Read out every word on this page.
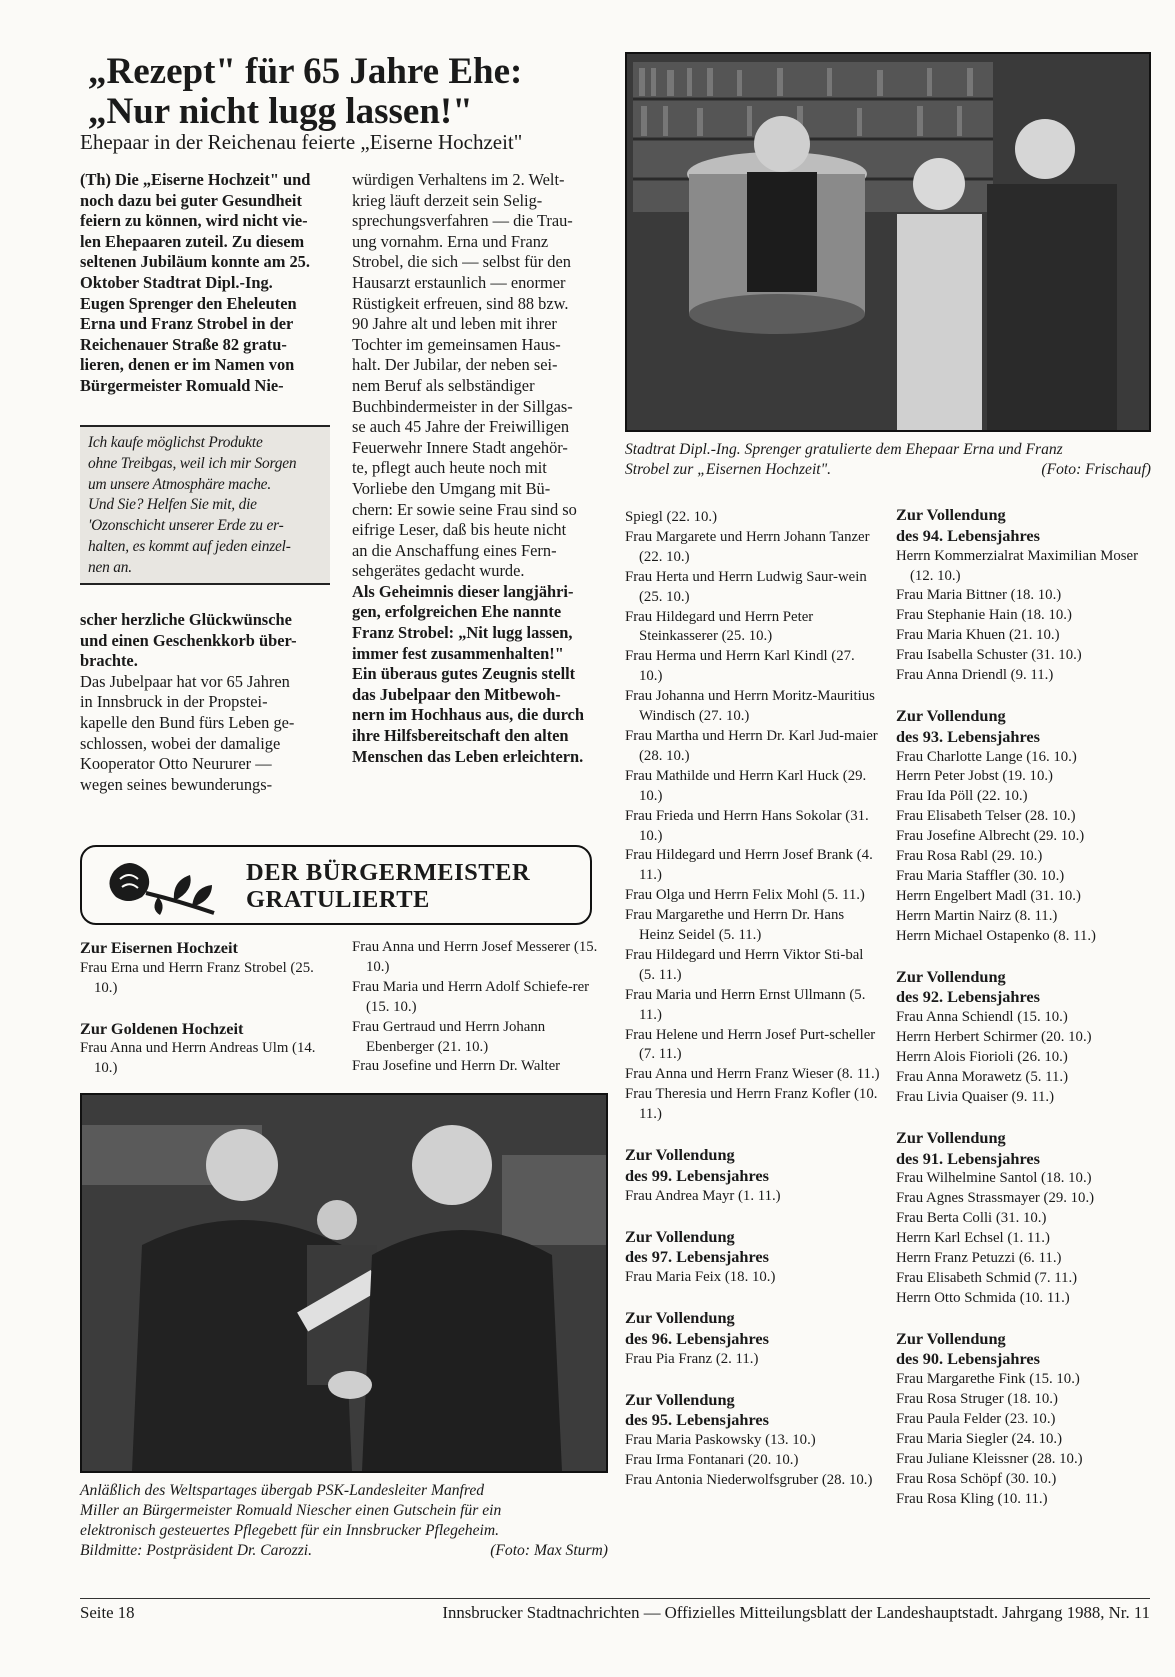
„Rezept" für 65 Jahre Ehe:
„Nur nicht lugg lassen!"
Ehepaar in der Reichenau feierte „Eiserne Hochzeit"

(Th) Die „Eiserne Hochzeit" und

noch dazu bei guter Gesundheit

feiern zu können, wird nicht vie-

len Ehepaaren zuteil. Zu diesem

seltenen Jubiläum konnte am 25.

Oktober Stadtrat Dipl.-Ing.

Eugen Sprenger den Eheleuten

Erna und Franz Strobel in der

Reichenauer Straße 82 gratu-

lieren, denen er im Namen von

Bürgermeister Romuald Nie-

Ich kaufe möglichst Produkte
ohne Treibgas, weil ich mir Sorgen
um unsere Atmosphäre mache.
Und Sie? Helfen Sie mit, die
'Ozonschicht unserer Erde zu er-
halten, es kommt auf jeden einzel-
nen an.

scher herzliche Glückwünsche

und einen Geschenkkorb über-

brachte.

Das Jubelpaar hat vor 65 Jahren

in Innsbruck in der Propstei-

kapelle den Bund fürs Leben ge-

schlossen, wobei der damalige

Kooperator Otto Neururer —

wegen seines bewunderungs-

würdigen Verhaltens im 2. Welt-

krieg läuft derzeit sein Selig-

sprechungsverfahren — die Trau-

ung vornahm. Erna und Franz

Strobel, die sich — selbst für den

Hausarzt erstaunlich — enormer

Rüstigkeit erfreuen, sind 88 bzw.

90 Jahre alt und leben mit ihrer

Tochter im gemeinsamen Haus-

halt. Der Jubilar, der neben sei-

nem Beruf als selbständiger

Buchbindermeister in der Sillgas-

se auch 45 Jahre der Freiwilligen

Feuerwehr Innere Stadt angehör-

te, pflegt auch heute noch mit

Vorliebe den Umgang mit Bü-

chern: Er sowie seine Frau sind so

eifrige Leser, daß bis heute nicht

an die Anschaffung eines Fern-

sehgerätes gedacht wurde.

Als Geheimnis dieser langjähri-

gen, erfolgreichen Ehe nannte

Franz Strobel: „Nit lugg lassen,

immer fest zusammenhalten!"

Ein überaus gutes Zeugnis stellt

das Jubelpaar den Mitbewoh-

nern im Hochhaus aus, die durch

ihre Hilfsbereitschaft den alten

Menschen das Leben erleichtern.

Stadtrat Dipl.-Ing. Sprenger gratulierte dem Ehepaar Erna und Franz
Strobel zur „Eisernen Hochzeit".	(Foto: Frischauf)
DER BÜRGERMEISTER
GRATULIERTE
Zur Eisernen Hochzeit
Frau Erna und Herrn Franz Strobel (25. 10.)
Zur Goldenen Hochzeit
Frau Anna und Herrn Andreas Ulm (14. 10.)
Frau Anna und Herrn Josef Messerer (15. 10.)
Frau Maria und Herrn Adolf Schiefe-rer (15. 10.)
Frau Gertraud und Herrn Johann Ebenberger (21. 10.)
Frau Josefine und Herrn Dr. Walter
Anläßlich des Weltspartages übergab PSK-Landesleiter Manfred
Miller an Bürgermeister Romuald Niescher einen Gutschein für ein
elektronisch gesteuertes Pflegebett für ein Innsbrucker Pflegeheim.
Bildmitte: Postpräsident Dr. Carozzi.	(Foto: Max Sturm)
Spiegl (22. 10.)
Frau Margarete und Herrn Johann Tanzer (22. 10.)
Frau Herta und Herrn Ludwig Saur-wein (25. 10.)
Frau Hildegard und Herrn Peter Steinkasserer (25. 10.)
Frau Herma und Herrn Karl Kindl (27. 10.)
Frau Johanna und Herrn Moritz-Mauritius Windisch (27. 10.)
Frau Martha und Herrn Dr. Karl Jud-maier (28. 10.)
Frau Mathilde und Herrn Karl Huck (29. 10.)
Frau Frieda und Herrn Hans Sokolar (31. 10.)
Frau Hildegard und Herrn Josef Brank (4. 11.)
Frau Olga und Herrn Felix Mohl (5. 11.)
Frau Margarethe und Herrn Dr. Hans Heinz Seidel (5. 11.)
Frau Hildegard und Herrn Viktor Sti-bal (5. 11.)
Frau Maria und Herrn Ernst Ullmann (5. 11.)
Frau Helene und Herrn Josef Purt-scheller (7. 11.)
Frau Anna und Herrn Franz Wieser (8. 11.)
Frau Theresia und Herrn Franz Kofler (10. 11.)
Zur Vollendung
des 99. Lebensjahres
Frau Andrea Mayr (1. 11.)
Zur Vollendung
des 97. Lebensjahres
Frau Maria Feix (18. 10.)
Zur Vollendung
des 96. Lebensjahres
Frau Pia Franz (2. 11.)
Zur Vollendung
des 95. Lebensjahres
Frau Maria Paskowsky (13. 10.)
Frau Irma Fontanari (20. 10.)
Frau Antonia Niederwolfsgruber (28. 10.)
Zur Vollendung
des 94. Lebensjahres
Herrn Kommerzialrat Maximilian Moser (12. 10.)
Frau Maria Bittner (18. 10.)
Frau Stephanie Hain (18. 10.)
Frau Maria Khuen (21. 10.)
Frau Isabella Schuster (31. 10.)
Frau Anna Driendl (9. 11.)
Zur Vollendung
des 93. Lebensjahres
Frau Charlotte Lange (16. 10.)
Herrn Peter Jobst (19. 10.)
Frau Ida Pöll (22. 10.)
Frau Elisabeth Telser (28. 10.)
Frau Josefine Albrecht (29. 10.)
Frau Rosa Rabl (29. 10.)
Frau Maria Staffler (30. 10.)
Herrn Engelbert Madl (31. 10.)
Herrn Martin Nairz (8. 11.)
Herrn Michael Ostapenko (8. 11.)
Zur Vollendung
des 92. Lebensjahres
Frau Anna Schiendl (15. 10.)
Herrn Herbert Schirmer (20. 10.)
Herrn Alois Fiorioli (26. 10.)
Frau Anna Morawetz (5. 11.)
Frau Livia Quaiser (9. 11.)
Zur Vollendung
des 91. Lebensjahres
Frau Wilhelmine Santol (18. 10.)
Frau Agnes Strassmayer (29. 10.)
Frau Berta Colli (31. 10.)
Herrn Karl Echsel (1. 11.)
Herrn Franz Petuzzi (6. 11.)
Frau Elisabeth Schmid (7. 11.)
Herrn Otto Schmida (10. 11.)
Zur Vollendung
des 90. Lebensjahres
Frau Margarethe Fink (15. 10.)
Frau Rosa Struger (18. 10.)
Frau Paula Felder (23. 10.)
Frau Maria Siegler (24. 10.)
Frau Juliane Kleissner (28. 10.)
Frau Rosa Schöpf (30. 10.)
Frau Rosa Kling (10. 11.)
Seite 18	Innsbrucker Stadtnachrichten — Offizielles Mitteilungsblatt der Landeshauptstadt. Jahrgang 1988, Nr. 11
